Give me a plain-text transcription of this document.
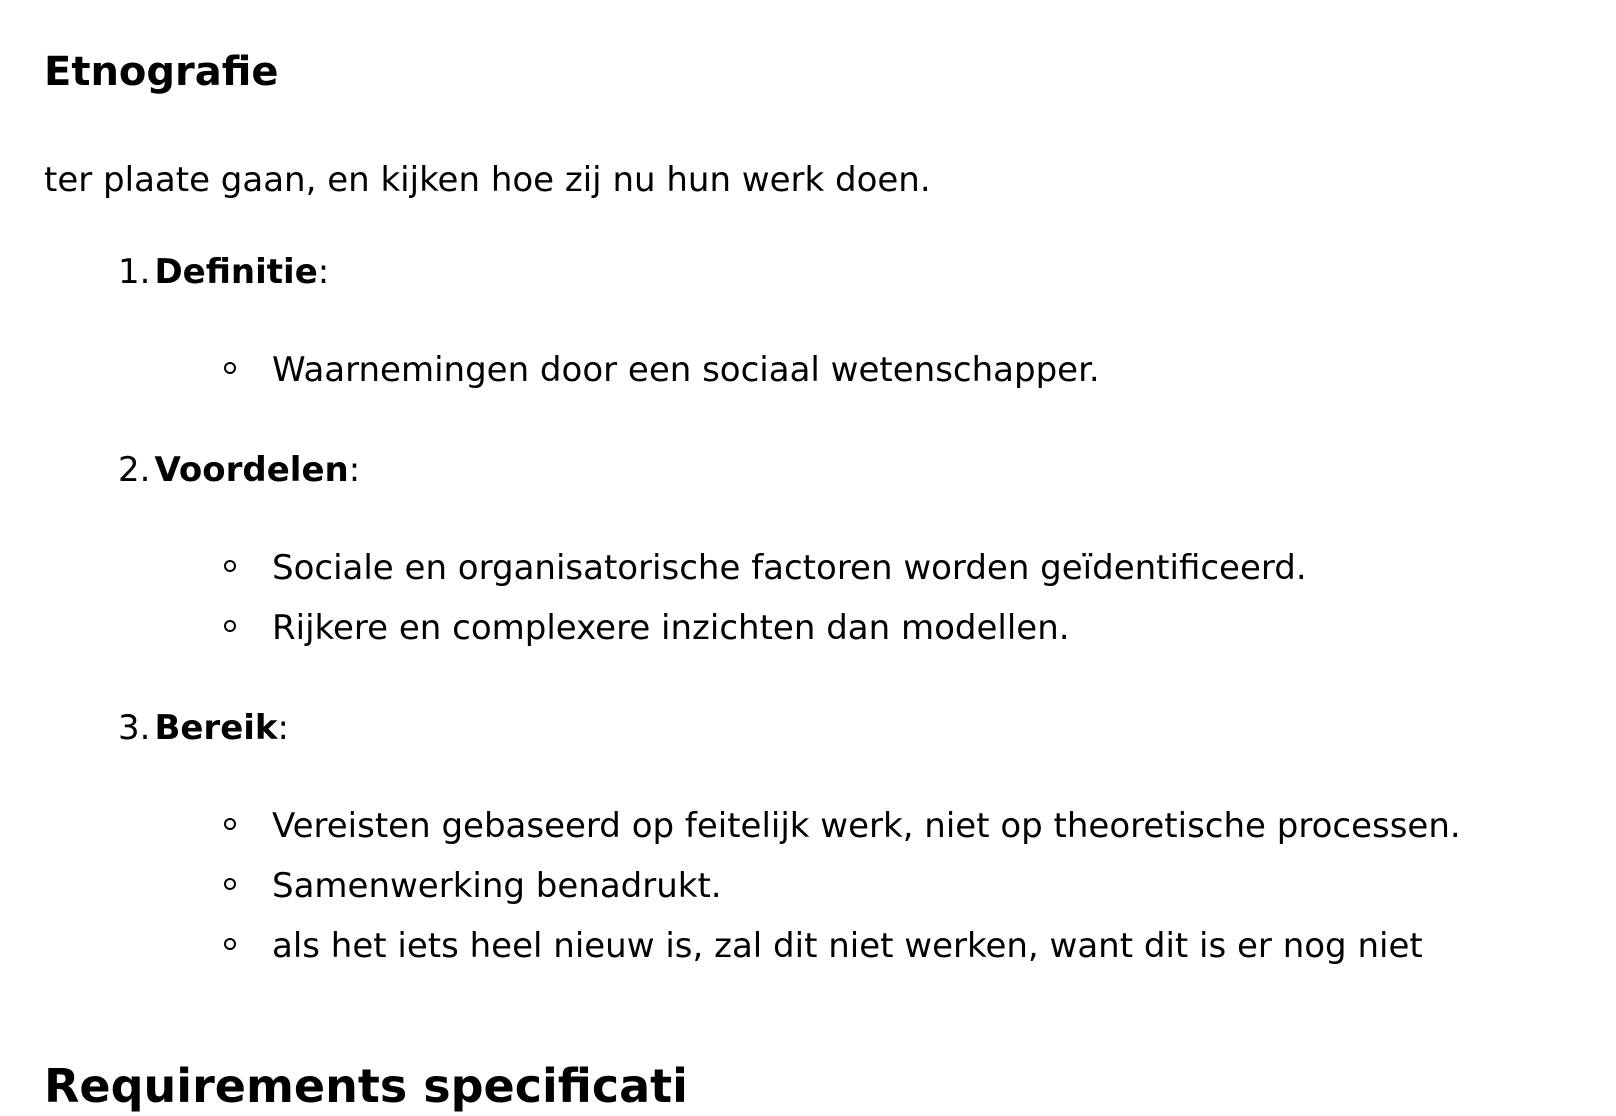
Etnografie

ter plaate gaan, en kijken hoe zij nu hun werk doen.

1. Definitie:
Waarnemingen door een sociaal wetenschapper.
2. Voordelen:
Sociale en organisatorische factoren worden geïdentificeerd.
Rijkere en complexere inzichten dan modellen.
3. Bereik:
Vereisten gebaseerd op feitelijk werk, niet op theoretische processen.
Samenwerking benadrukt.
als het iets heel nieuw is, zal dit niet werken, want dit is er nog niet
Requirements specificati
